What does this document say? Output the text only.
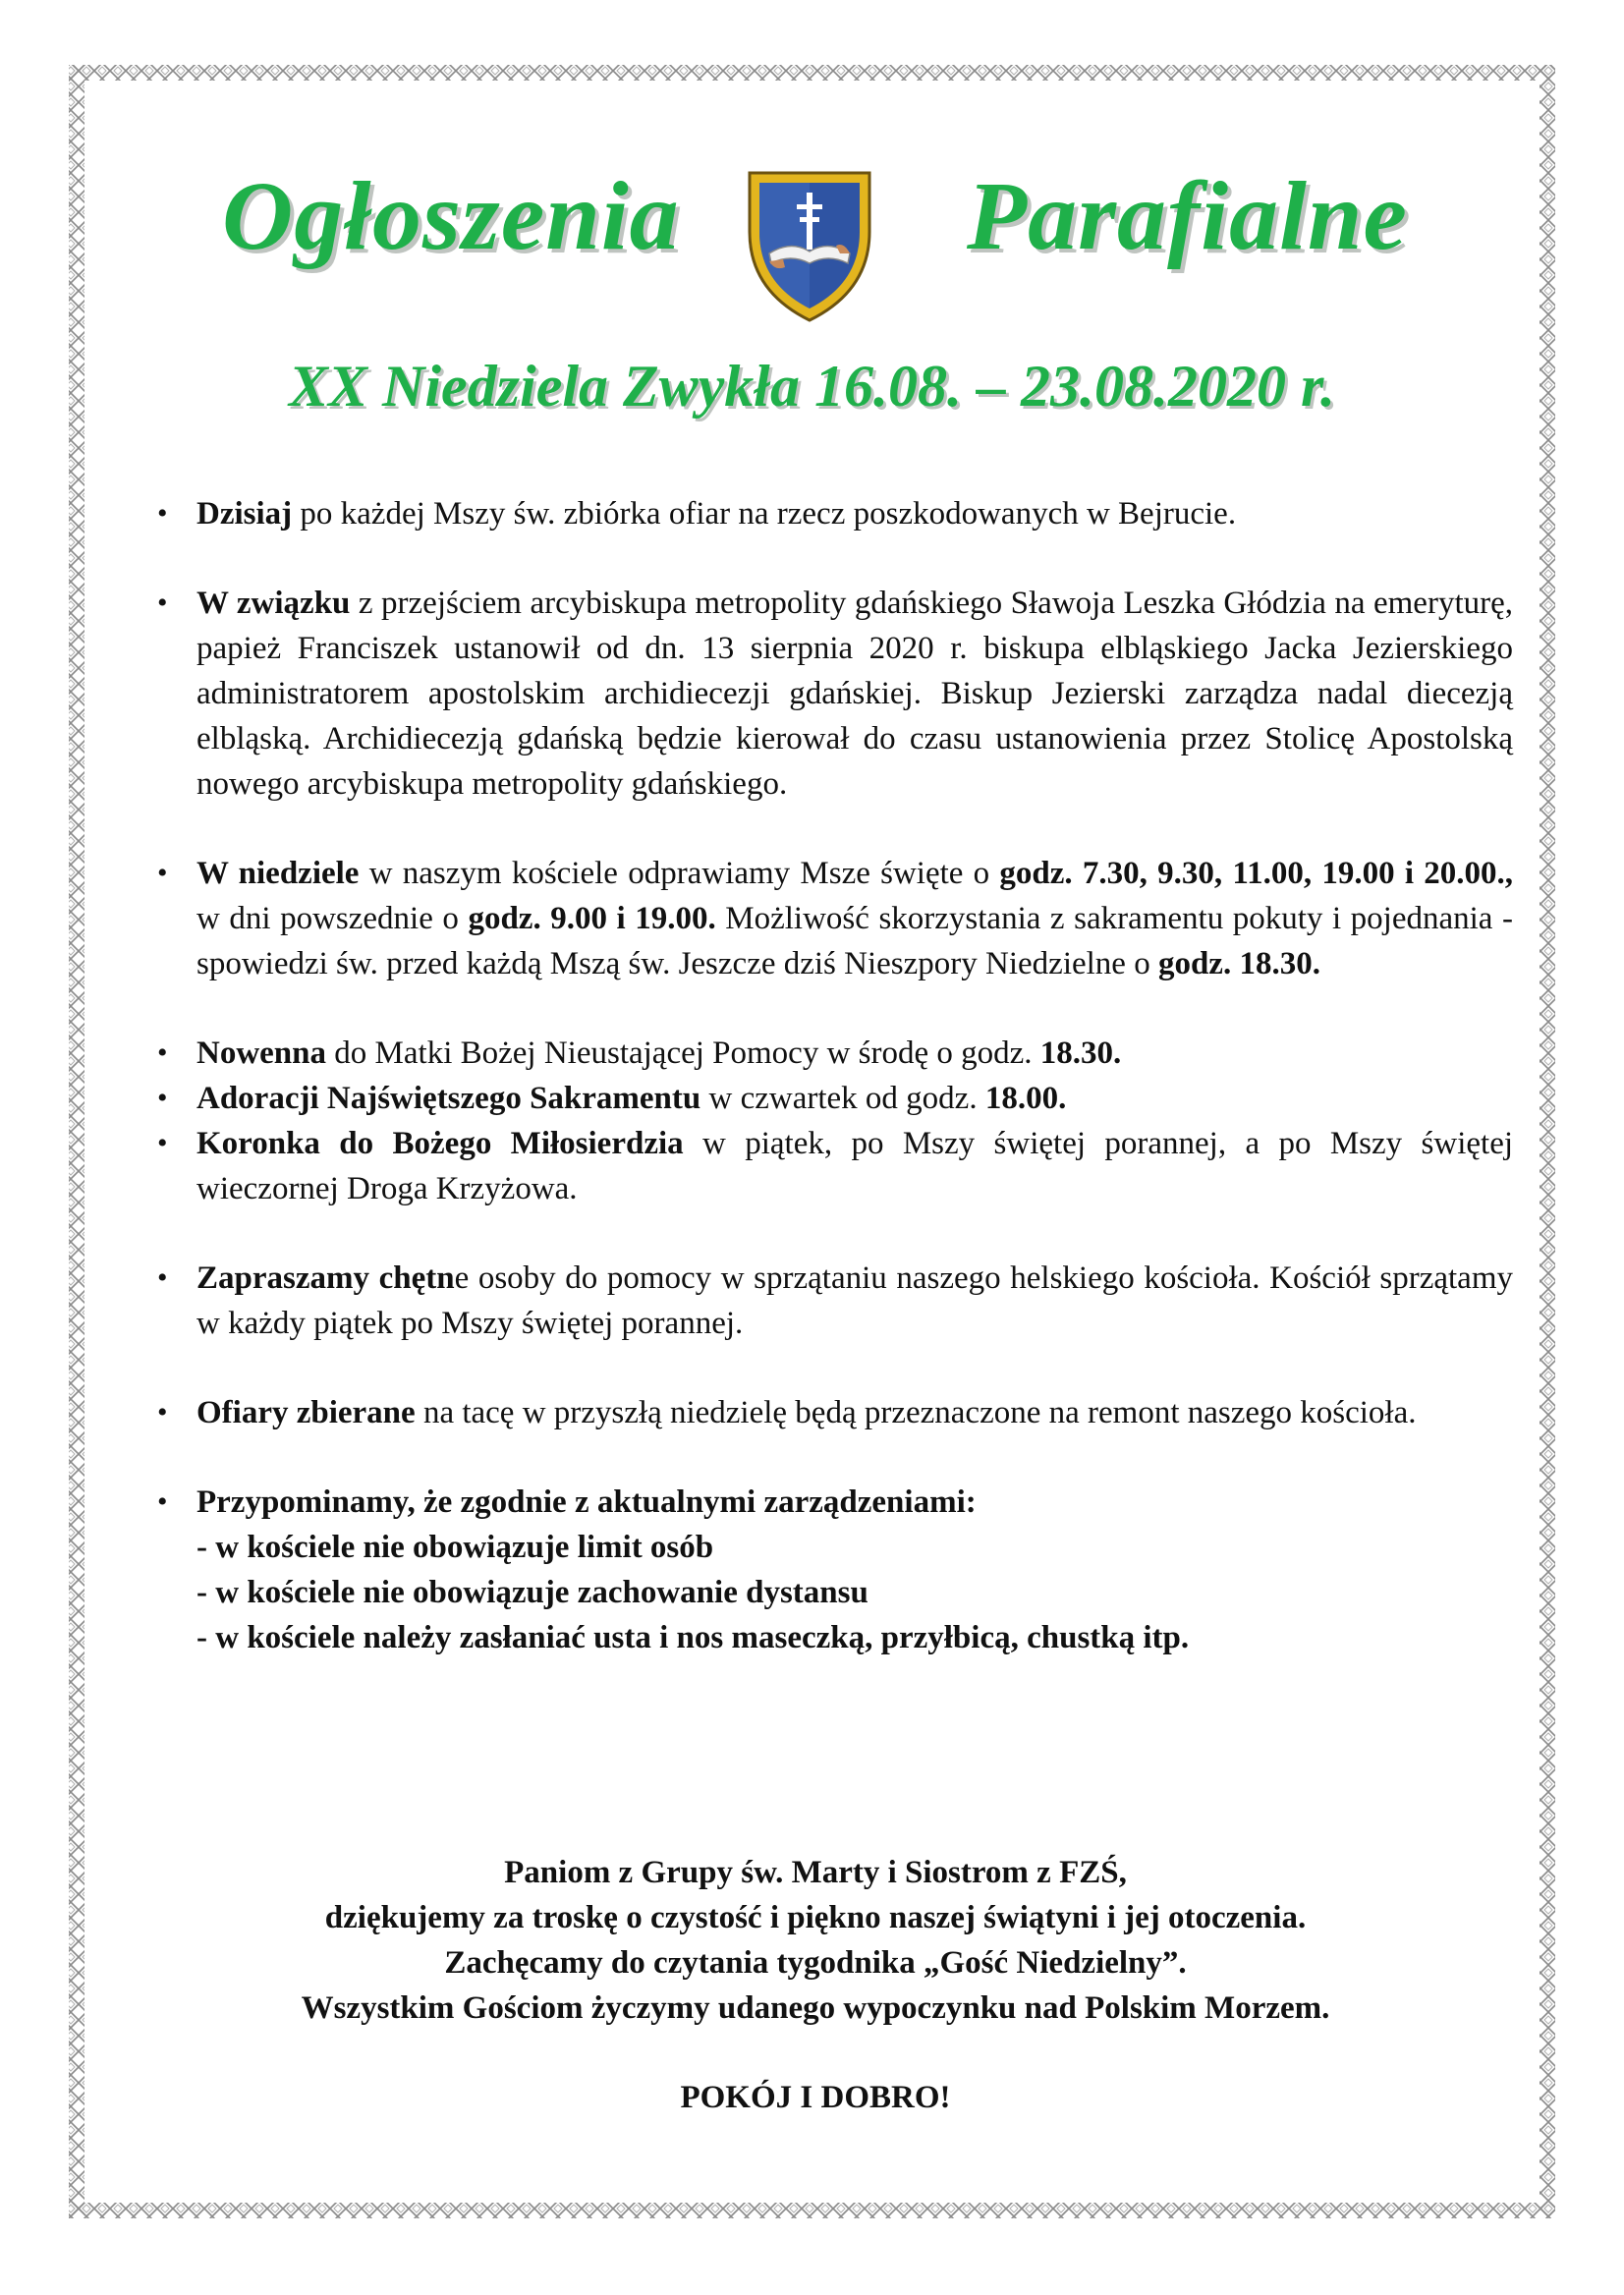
Ogłoszenia	Parafialne
XX Niedziela Zwykła 16.08. – 23.08.2020 r.
• Dzisiaj po każdej Mszy św. zbiórka ofiar na rzecz poszkodowanych w Bejrucie.
• W związku z przejściem arcybiskupa metropolity gdańskiego Sławoja Leszka Głódzia na emeryturę, papież Franciszek ustanowił od dn. 13 sierpnia 2020 r. biskupa elbląskiego Jacka Jezierskiego administratorem apostolskim archidiecezji gdańskiej. Biskup Jezierski zarządza nadal diecezją elbląską. Archidiecezją gdańską będzie kierował do czasu ustanowienia przez Stolicę Apostolską nowego arcybiskupa metropolity gdańskiego.
• W niedziele w naszym kościele odprawiamy Msze święte o godz. 7.30, 9.30, 11.00, 19.00 i 20.00., w dni powszednie o godz. 9.00 i 19.00. Możliwość skorzystania z sakramentu pokuty i pojednania - spowiedzi św. przed każdą Mszą św. Jeszcze dziś Nieszpory Niedzielne o godz. 18.30.
• Nowenna do Matki Bożej Nieustającej Pomocy w środę o godz. 18.30.
• Adoracji Najświętszego Sakramentu w czwartek od godz. 18.00.
• Koronka do Bożego Miłosierdzia w piątek, po Mszy świętej porannej, a po Mszy świętej wieczornej Droga Krzyżowa.
• Zapraszamy chętne osoby do pomocy w sprzątaniu naszego helskiego kościoła. Kościół sprzątamy w każdy piątek po Mszy świętej porannej.
• Ofiary zbierane na tacę w przyszłą niedzielę będą przeznaczone na remont naszego kościoła.
• Przypominamy, że zgodnie z aktualnymi zarządzeniami:
- w kościele nie obowiązuje limit osób
- w kościele nie obowiązuje zachowanie dystansu
- w kościele należy zasłaniać usta i nos maseczką, przyłbicą, chustką itp.
Paniom z Grupy św. Marty i Siostrom z FZŚ,
dziękujemy za troskę o czystość i piękno naszej świątyni i jej otoczenia.
Zachęcamy do czytania tygodnika „Gość Niedzielny”.
Wszystkim Gościom życzymy udanego wypoczynku nad Polskim Morzem.
POKÓJ I DOBRO!
